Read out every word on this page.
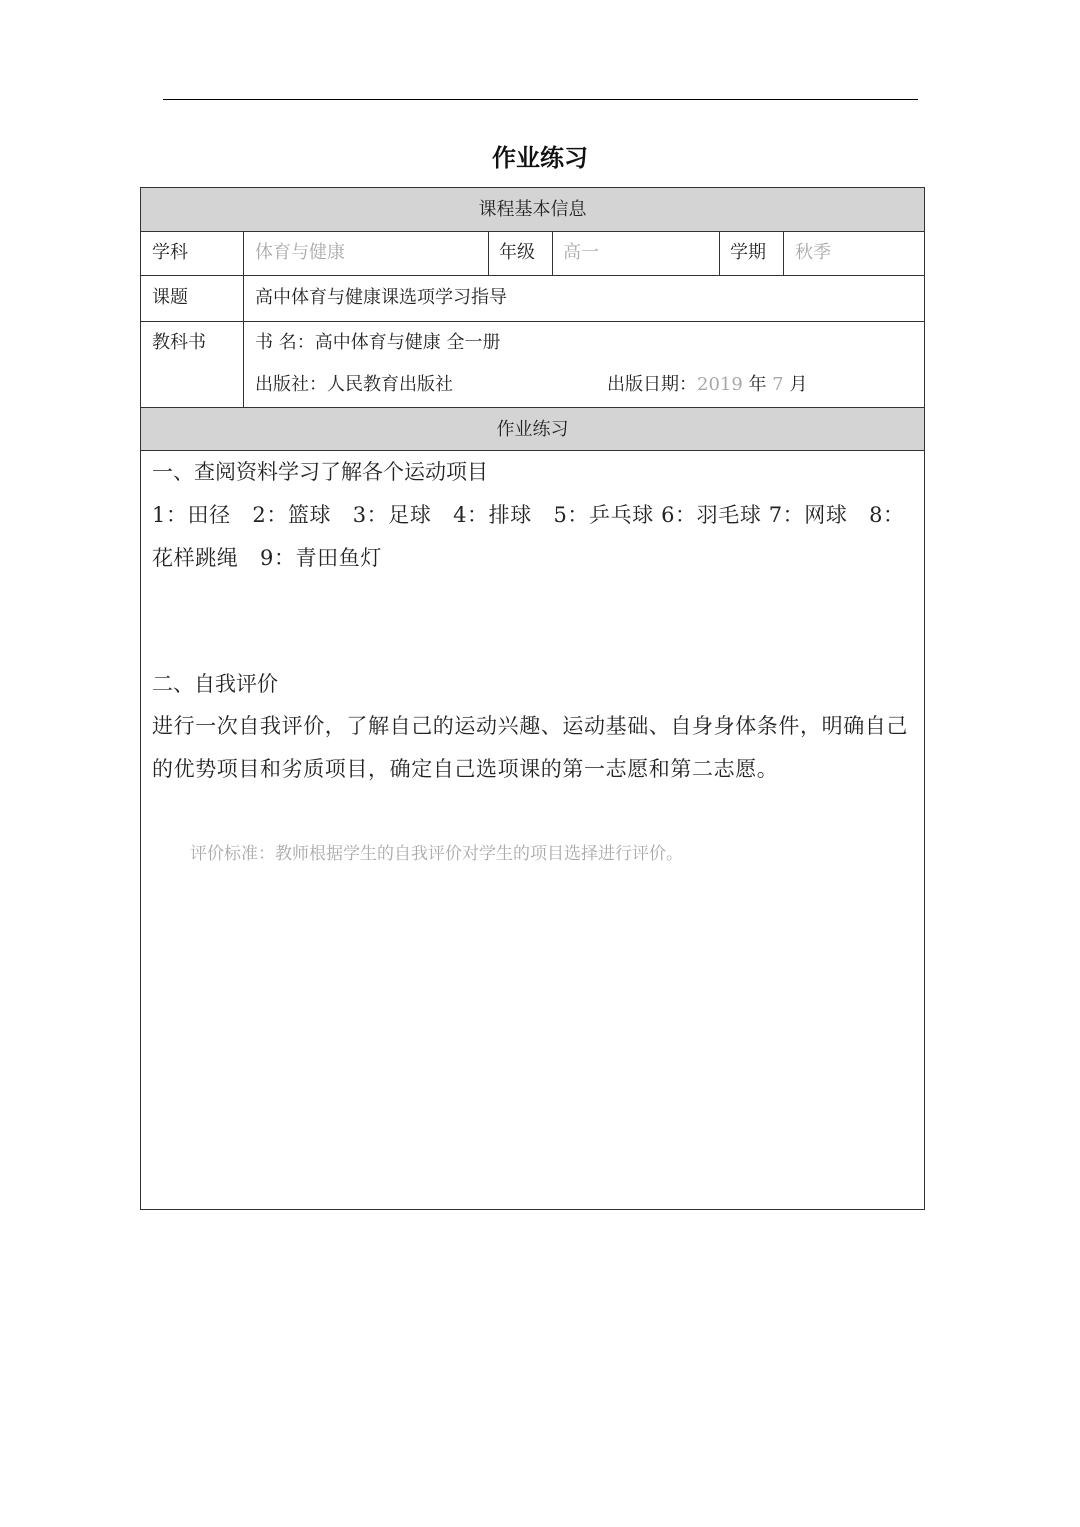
作业练习
课程基本信息
学科	体育与健康	年级 高一	学期 秋季
课题	高中体育与健康课选项学习指导
教科书	书 名：高中体育与健康 全一册
出版社：人民教育出版社	出版日期：2019 年 7 月
作业练习
一、查阅资料学习了解各个运动项目
1：田径　2：篮球　3：足球　4：排球　5：乒乓球 6：羽毛球 7：网球　8：花样跳绳　9：青田鱼灯
二、自我评价
进行一次自我评价，了解自己的运动兴趣、运动基础、自身身体条件，明确自己的优势项目和劣质项目，确定自己选项课的第一志愿和第二志愿。
评价标准：教师根据学生的自我评价对学生的项目选择进行评价。
